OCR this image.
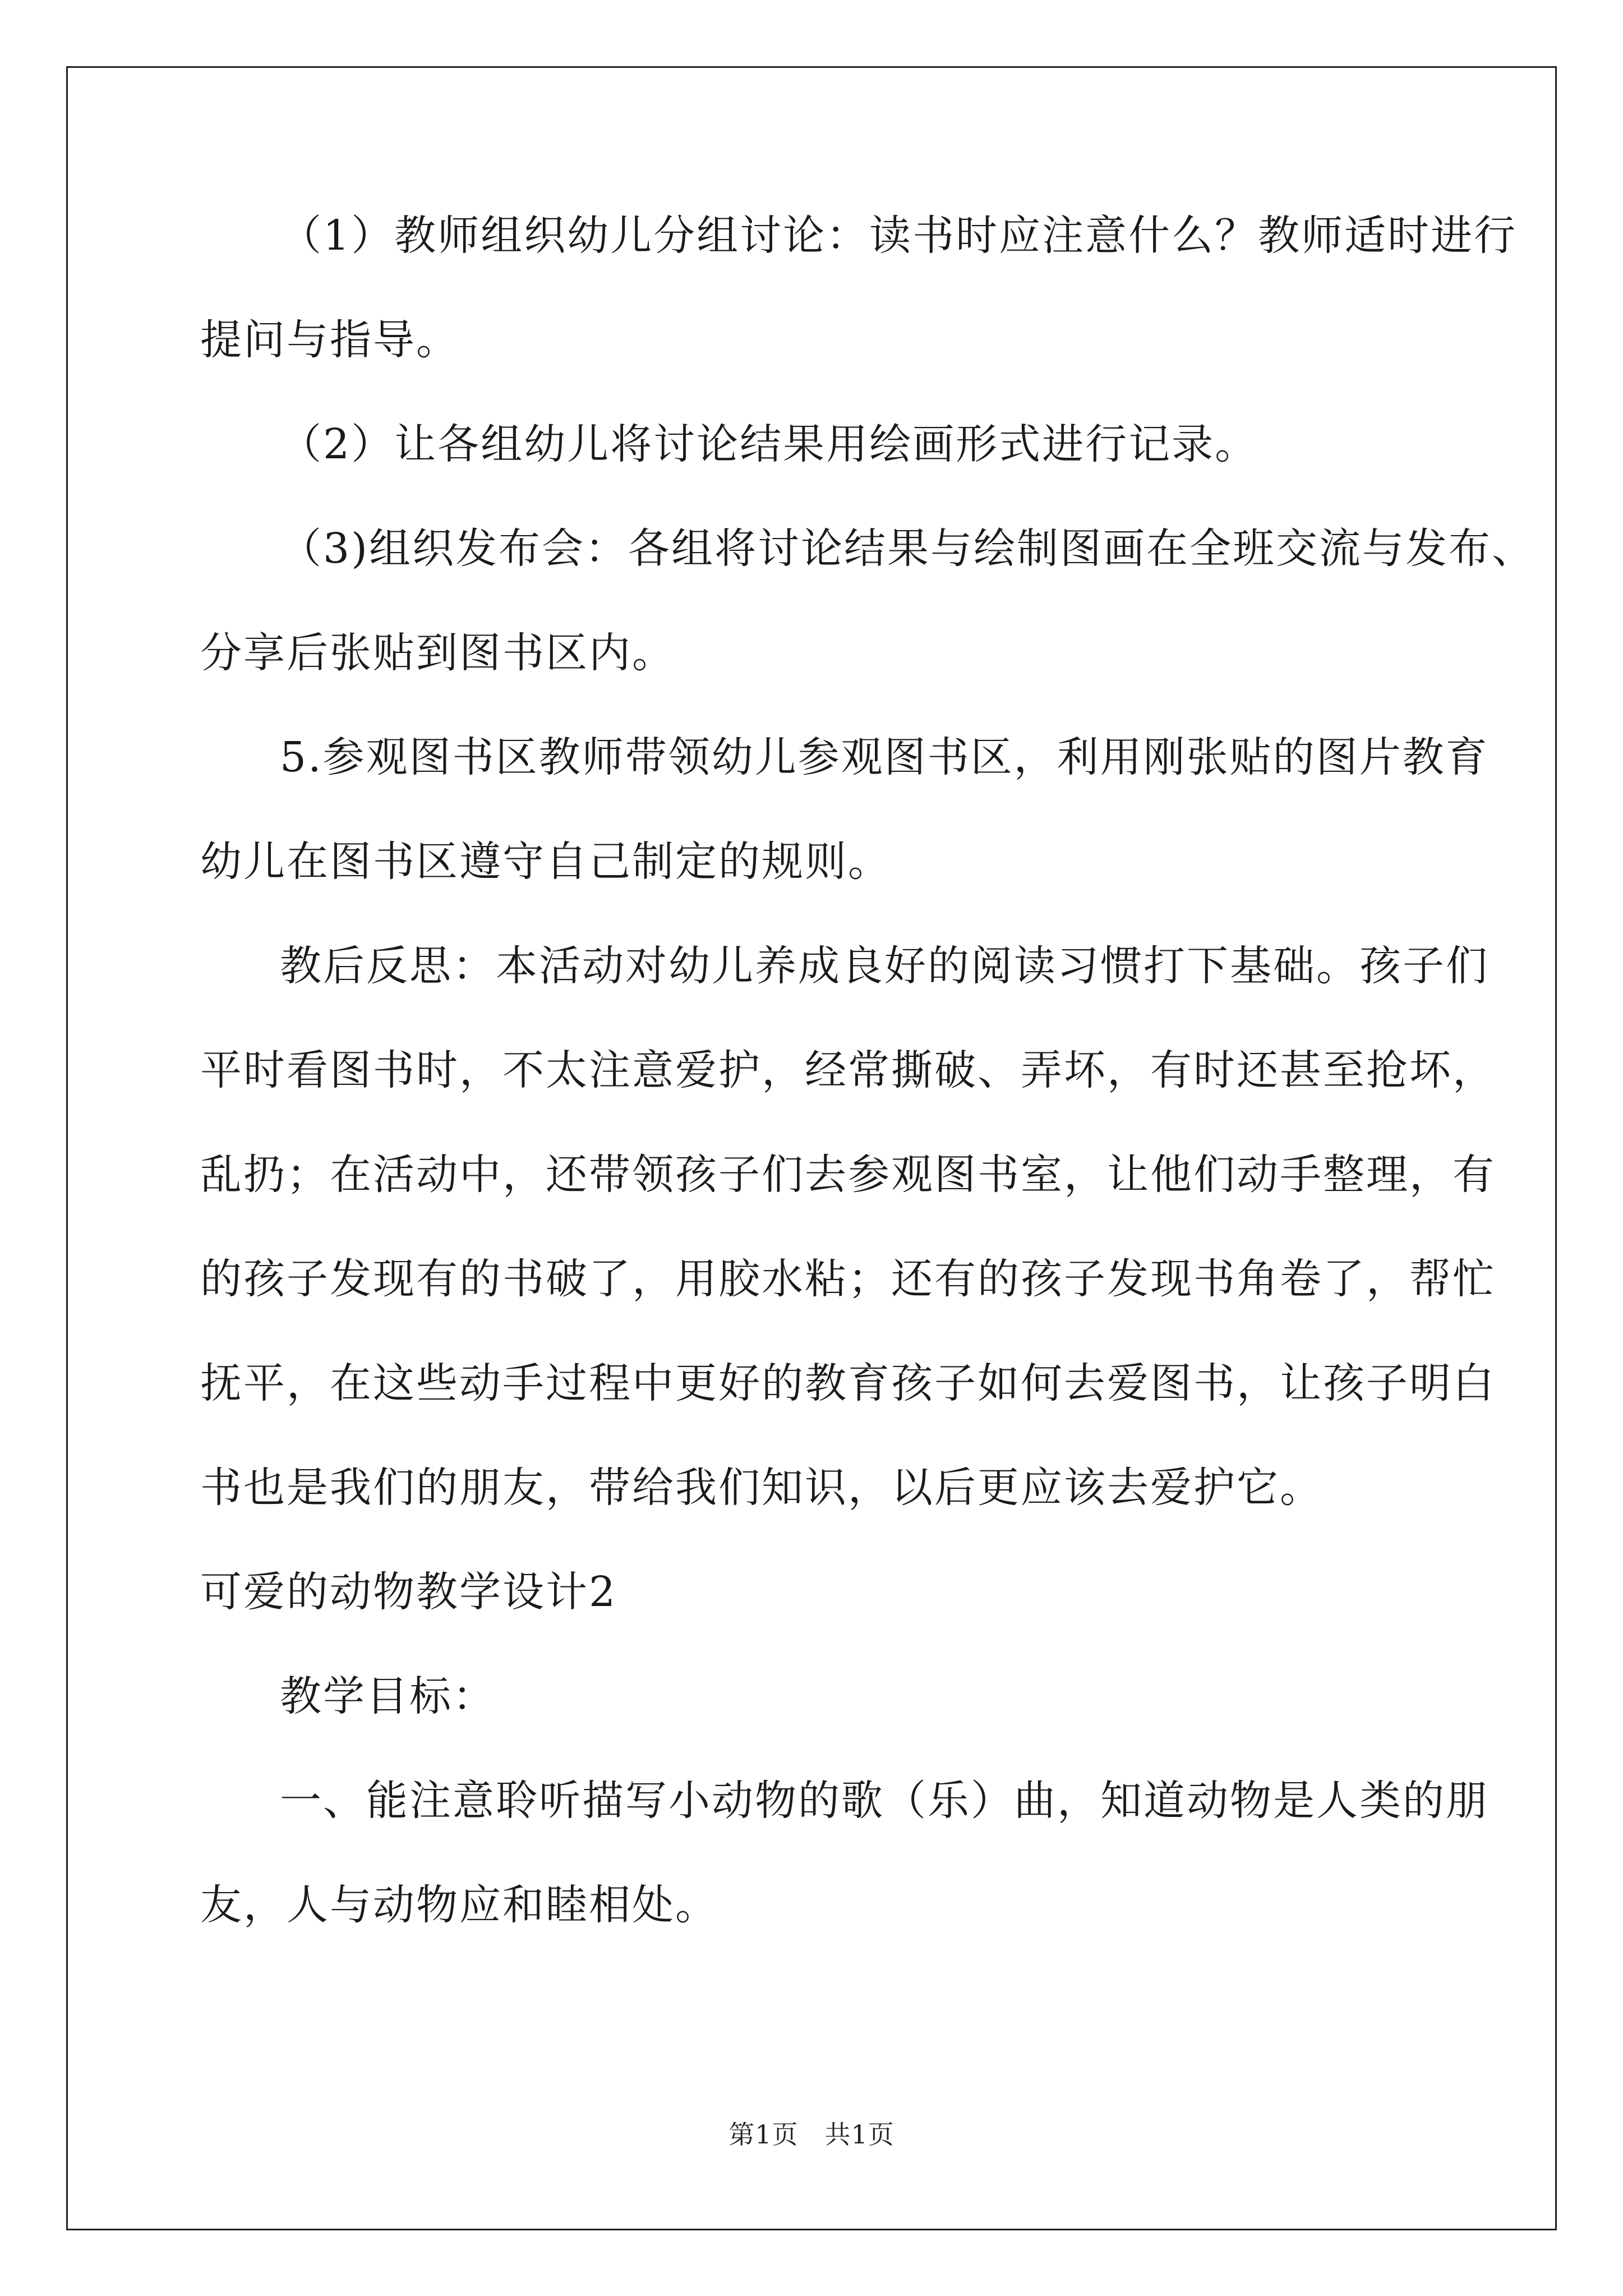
（1）教师组织幼儿分组讨论：读书时应注意什么？教师适时进行
提问与指导。
（2）让各组幼儿将讨论结果用绘画形式进行记录。
（3)组织发布会：各组将讨论结果与绘制图画在全班交流与发布、
分享后张贴到图书区内。
5.参观图书区教师带领幼儿参观图书区，利用刚张贴的图片教育
幼儿在图书区遵守自己制定的规则。
教后反思：本活动对幼儿养成良好的阅读习惯打下基础。孩子们
平时看图书时，不太注意爱护，经常撕破、弄坏，有时还甚至抢坏，
乱扔；在活动中，还带领孩子们去参观图书室，让他们动手整理，有
的孩子发现有的书破了，用胶水粘；还有的孩子发现书角卷了，帮忙
抚平，在这些动手过程中更好的教育孩子如何去爱图书，让孩子明白
书也是我们的朋友，带给我们知识，以后更应该去爱护它。
可爱的动物教学设计2
教学目标：
一、能注意聆听描写小动物的歌（乐）曲，知道动物是人类的朋
友，人与动物应和睦相处。
第1页　共1页
